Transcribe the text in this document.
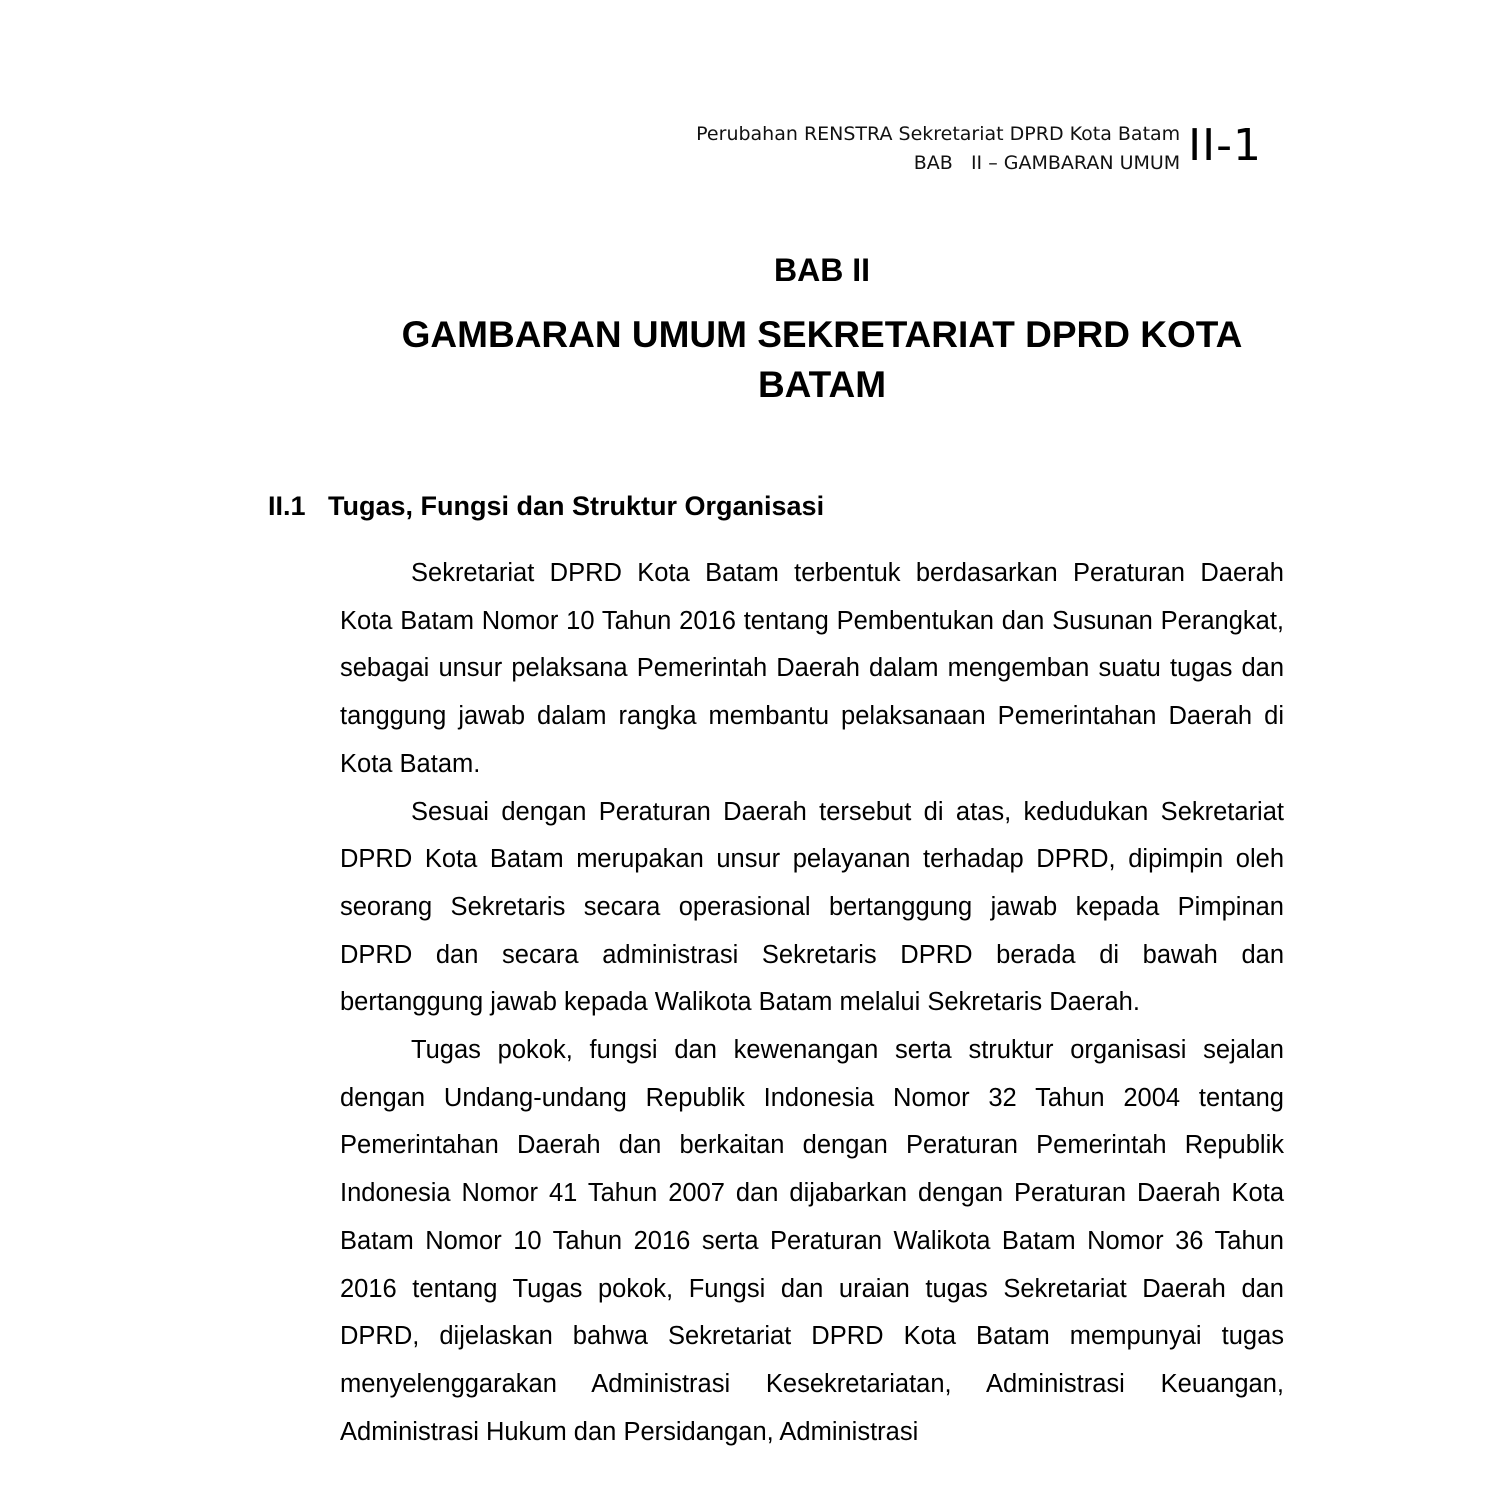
Perubahan RENSTRA Sekretariat DPRD Kota Batam
BAB   II – GAMBARAN UMUM II-1
BAB II
GAMBARAN UMUM SEKRETARIAT DPRD KOTA BATAM
II.1 Tugas, Fungsi dan Struktur Organisasi

Sekretariat DPRD Kota Batam terbentuk berdasarkan Peraturan Daerah Kota Batam Nomor 10 Tahun 2016 tentang Pembentukan dan Susunan Perangkat, sebagai unsur pelaksana Pemerintah Daerah dalam mengemban suatu tugas dan tanggung jawab dalam rangka membantu pelaksanaan Pemerintahan Daerah di Kota Batam.

Sesuai dengan Peraturan Daerah tersebut di atas, kedudukan Sekretariat DPRD Kota Batam merupakan unsur pelayanan terhadap DPRD, dipimpin oleh seorang Sekretaris secara operasional bertanggung jawab kepada Pimpinan DPRD dan secara administrasi Sekretaris DPRD berada di bawah dan bertanggung jawab kepada Walikota Batam melalui Sekretaris Daerah.

Tugas pokok, fungsi dan kewenangan serta struktur organisasi sejalan dengan Undang-undang Republik Indonesia Nomor 32 Tahun 2004 tentang Pemerintahan Daerah dan berkaitan dengan Peraturan Pemerintah Republik Indonesia Nomor 41 Tahun 2007 dan dijabarkan dengan Peraturan Daerah Kota Batam Nomor 10 Tahun 2016 serta Peraturan Walikota Batam Nomor 36 Tahun 2016 tentang Tugas pokok, Fungsi dan uraian tugas Sekretariat Daerah dan DPRD, dijelaskan bahwa Sekretariat DPRD Kota Batam mempunyai tugas menyelenggarakan Administrasi Kesekretariatan, Administrasi Keuangan, Administrasi Hukum dan Persidangan, Administrasi
